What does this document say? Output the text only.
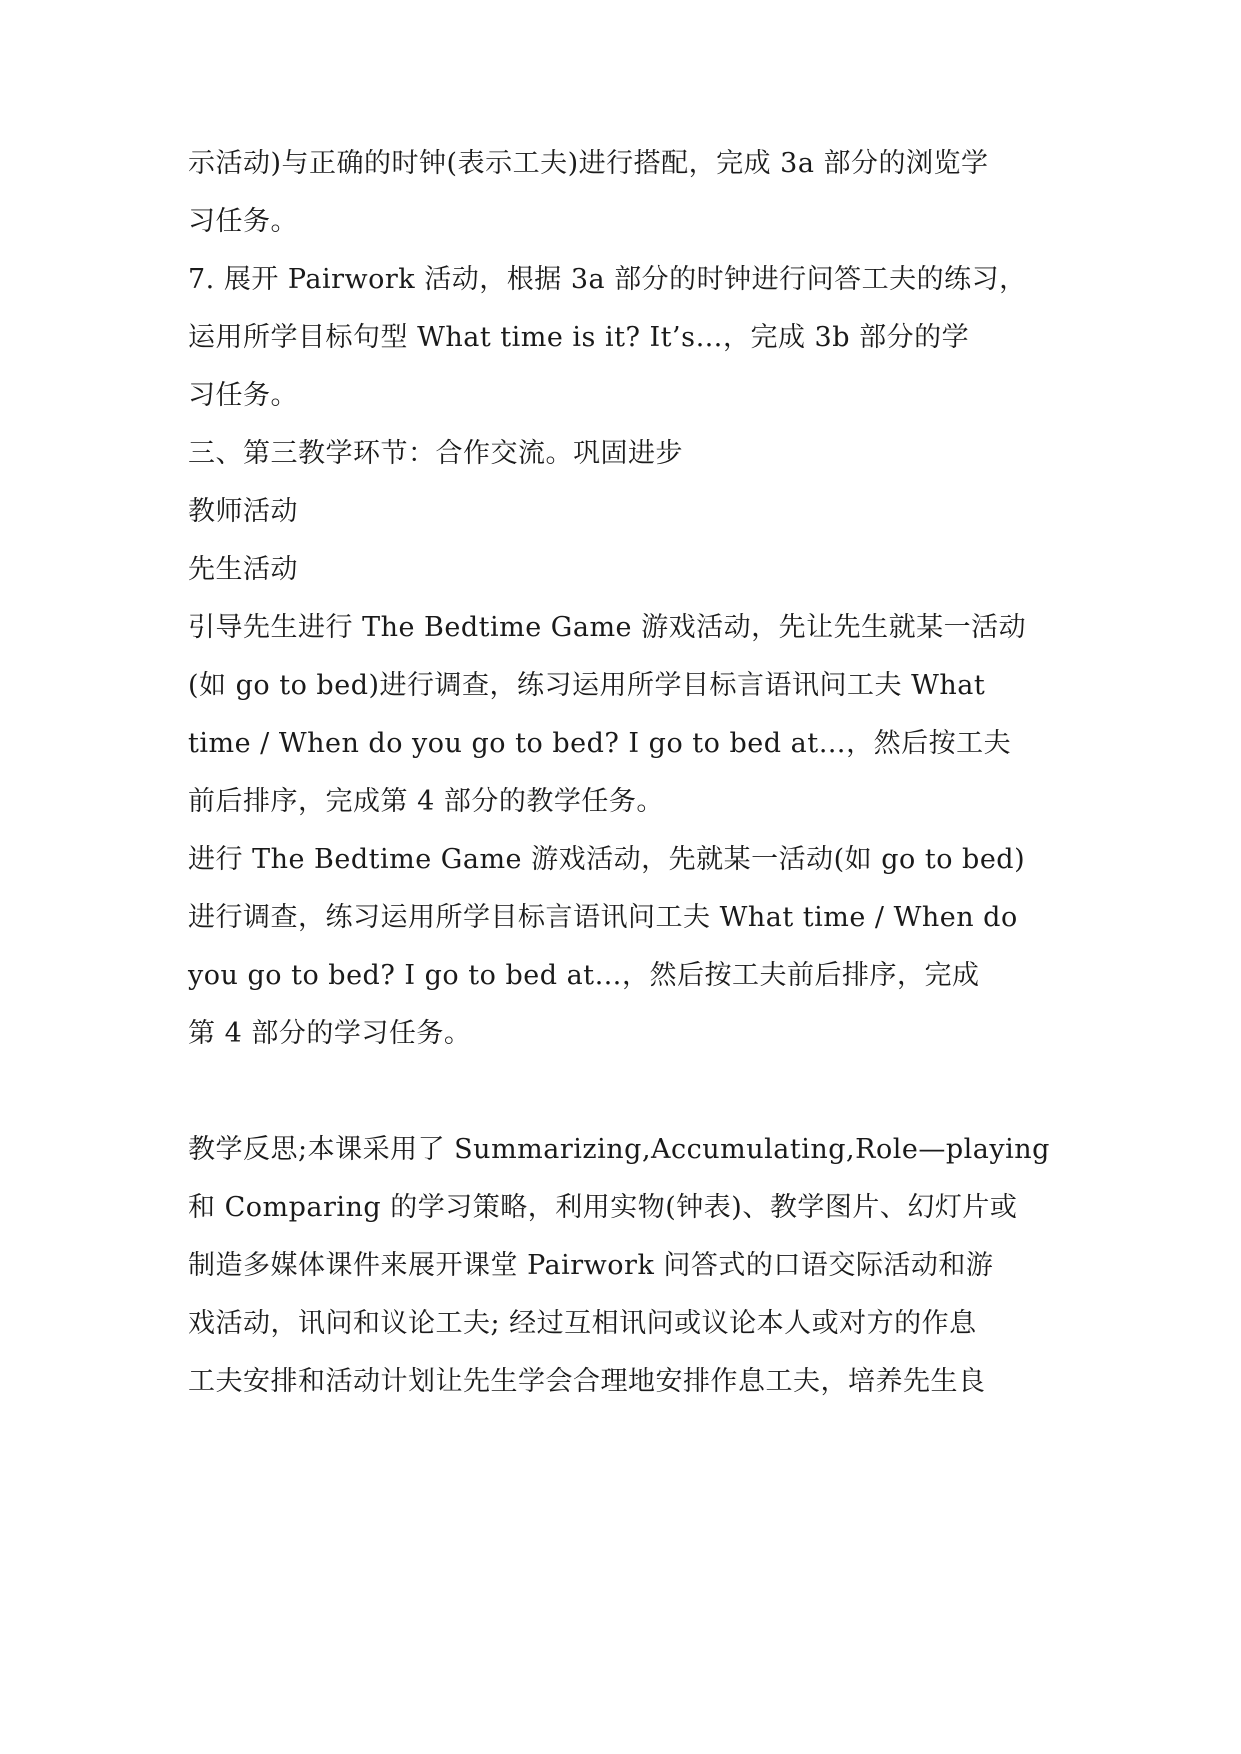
示活动)与正确的时钟(表示工夫)进行搭配，完成 3a 部分的浏览学
习任务。
7. 展开 Pairwork 活动，根据 3a 部分的时钟进行问答工夫的练习，
运用所学目标句型 What time is it? It’s…，完成 3b 部分的学
习任务。
三、第三教学环节：合作交流。巩固进步
教师活动
先生活动
引导先生进行 The Bedtime Game 游戏活动，先让先生就某一活动
(如 go to bed)进行调查，练习运用所学目标言语讯问工夫 What
time / When do you go to bed? I go to bed at…，然后按工夫
前后排序，完成第 4 部分的教学任务。
进行 The Bedtime Game 游戏活动，先就某一活动(如 go to bed)
进行调查，练习运用所学目标言语讯问工夫 What time / When do
you go to bed? I go to bed at…，然后按工夫前后排序，完成
第 4 部分的学习任务。
教学反思;本课采用了 Summarizing,Accumulating,Role—playing
和 Comparing 的学习策略，利用实物(钟表)、教学图片、幻灯片或
制造多媒体课件来展开课堂 Pairwork 问答式的口语交际活动和游
戏活动，讯问和议论工夫; 经过互相讯问或议论本人或对方的作息
工夫安排和活动计划让先生学会合理地安排作息工夫，培养先生良
